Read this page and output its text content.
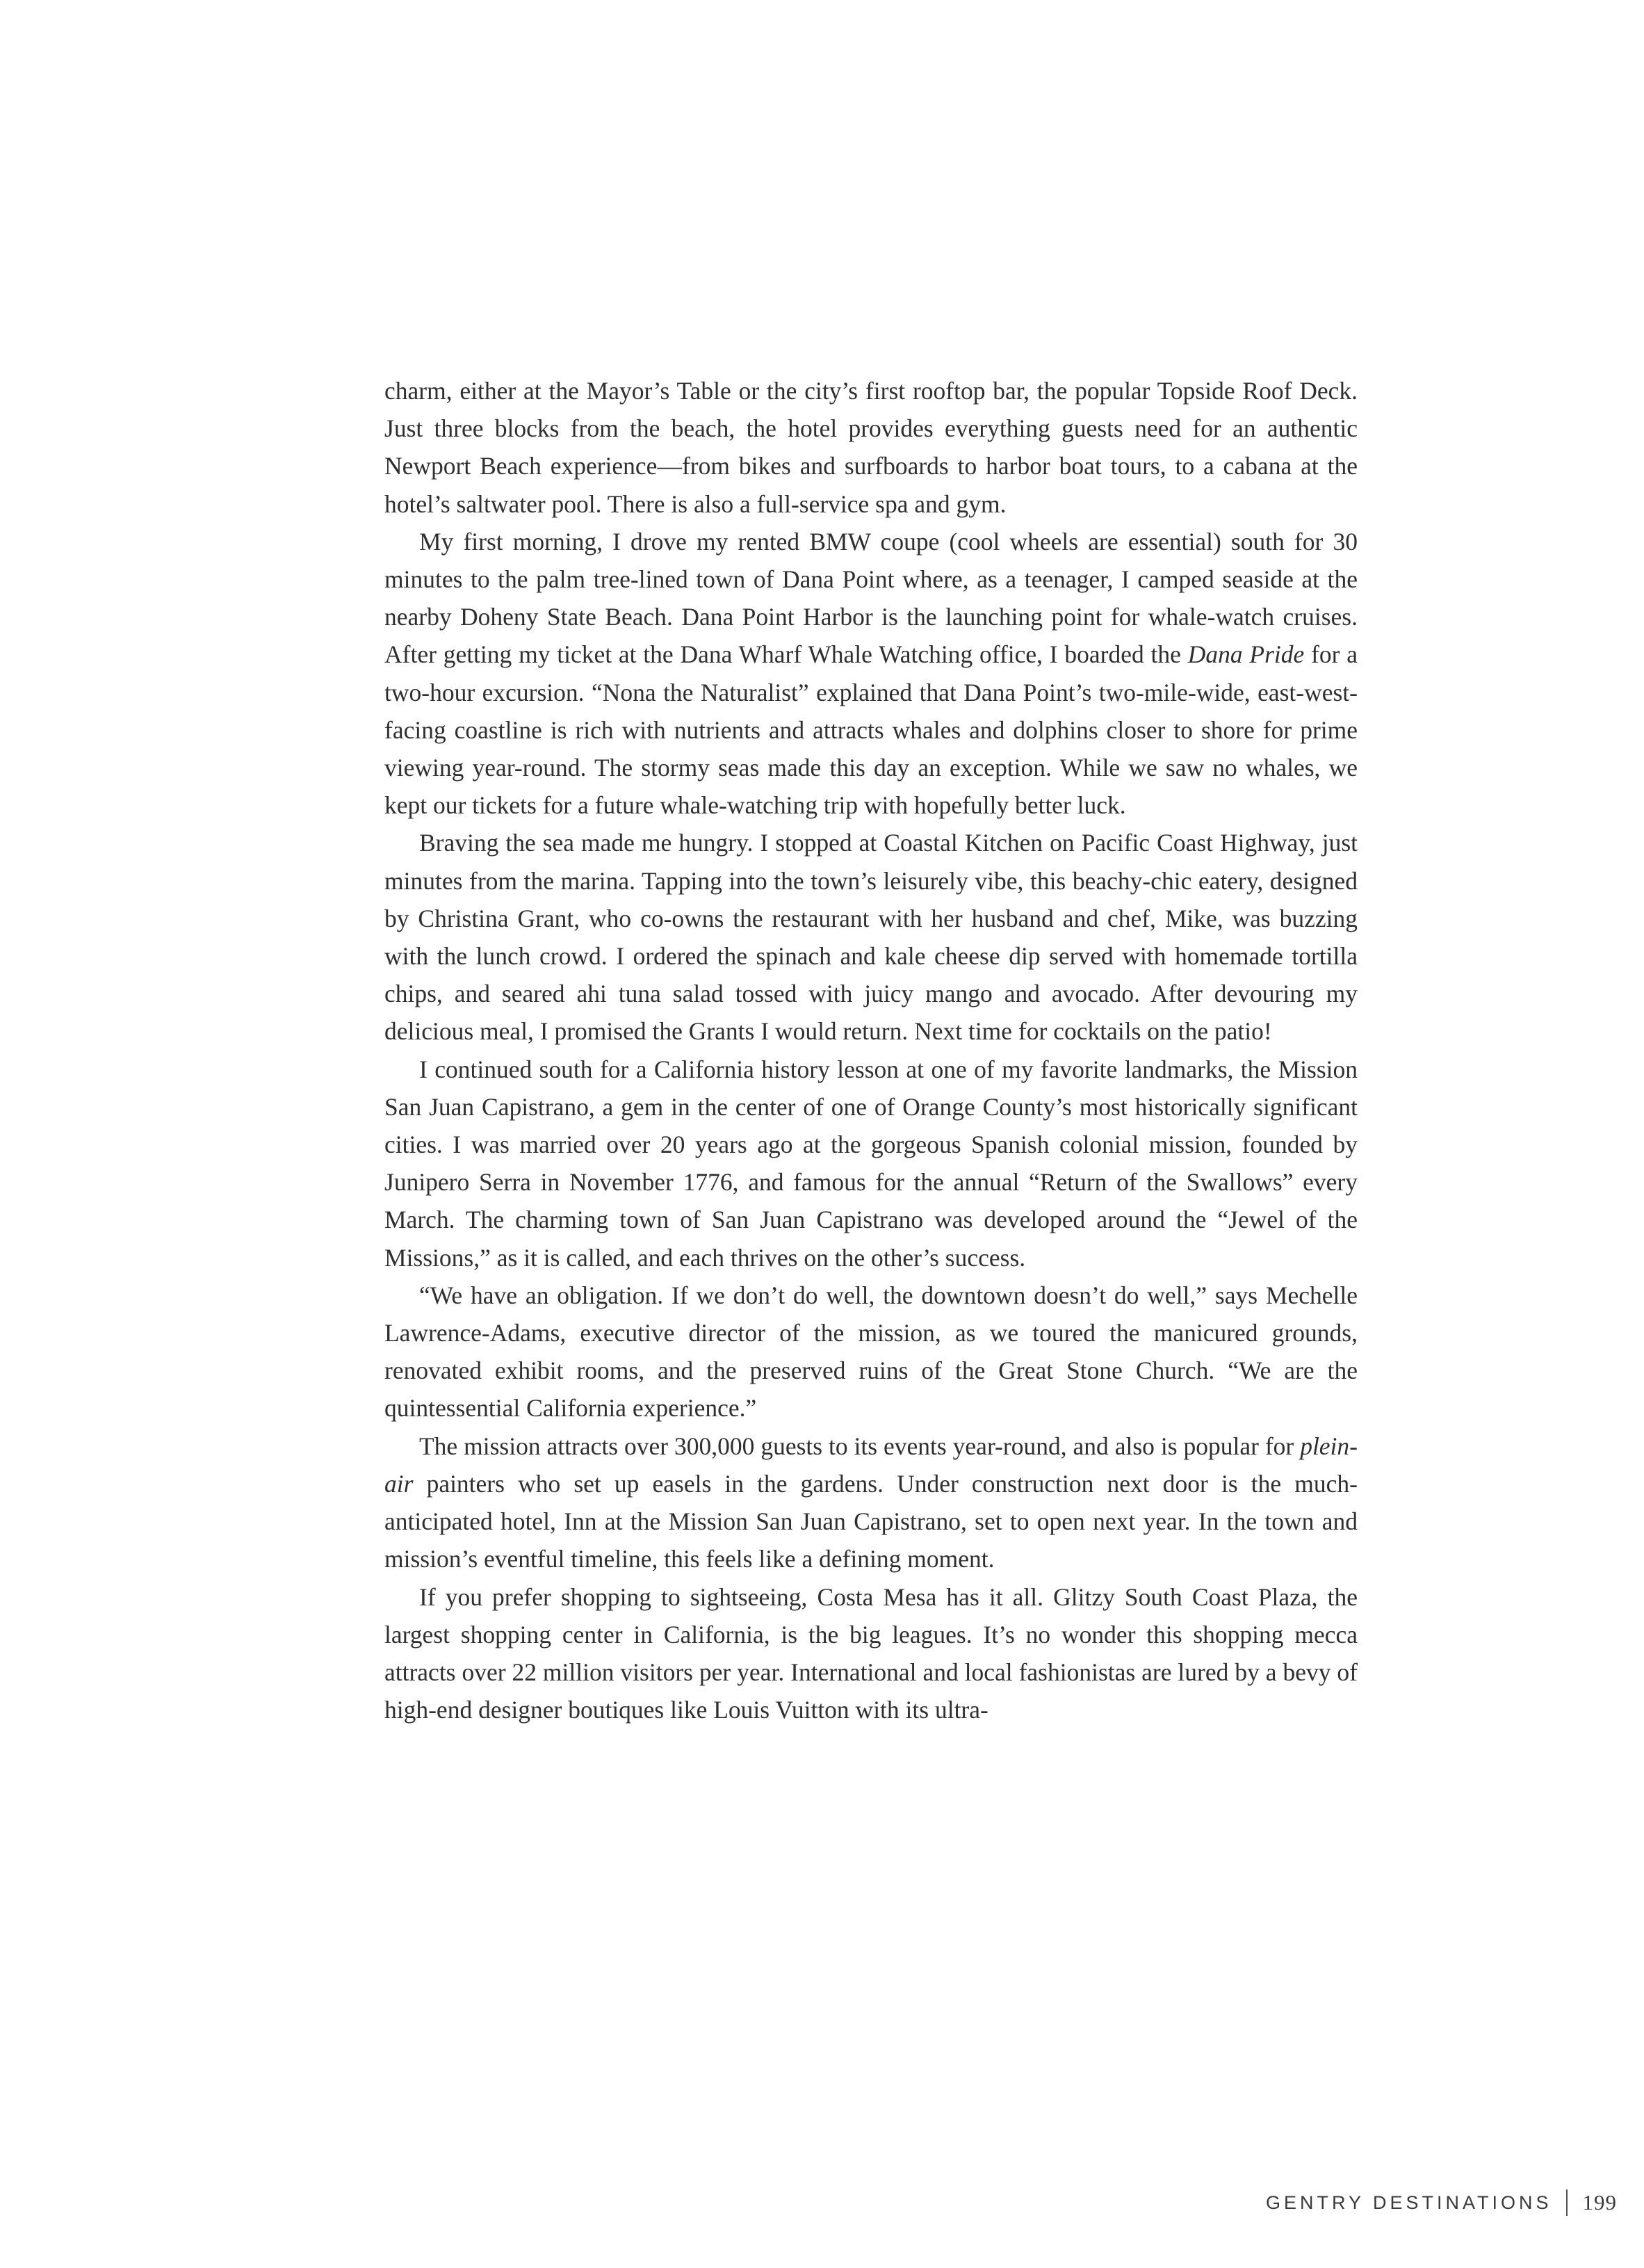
charm, either at the Mayor’s Table or the city’s first rooftop bar, the popular Topside Roof Deck. Just three blocks from the beach, the hotel provides everything guests need for an authentic Newport Beach experience—from bikes and surfboards to harbor boat tours, to a cabana at the hotel’s saltwater pool. There is also a full-service spa and gym.

My first morning, I drove my rented BMW coupe (cool wheels are essential) south for 30 minutes to the palm tree-lined town of Dana Point where, as a teenager, I camped seaside at the nearby Doheny State Beach. Dana Point Harbor is the launching point for whale-watch cruises. After getting my ticket at the Dana Wharf Whale Watching office, I boarded the Dana Pride for a two-hour excursion. “Nona the Naturalist” explained that Dana Point’s two-mile-wide, east-west-facing coastline is rich with nutrients and attracts whales and dolphins closer to shore for prime viewing year-round. The stormy seas made this day an exception. While we saw no whales, we kept our tickets for a future whale-watching trip with hopefully better luck.

Braving the sea made me hungry. I stopped at Coastal Kitchen on Pacific Coast Highway, just minutes from the marina. Tapping into the town’s leisurely vibe, this beachy-chic eatery, designed by Christina Grant, who co-owns the restaurant with her husband and chef, Mike, was buzzing with the lunch crowd. I ordered the spinach and kale cheese dip served with homemade tortilla chips, and seared ahi tuna salad tossed with juicy mango and avocado. After devouring my delicious meal, I promised the Grants I would return. Next time for cocktails on the patio!

I continued south for a California history lesson at one of my favorite landmarks, the Mission San Juan Capistrano, a gem in the center of one of Orange County’s most historically significant cities. I was married over 20 years ago at the gorgeous Spanish colonial mission, founded by Junipero Serra in November 1776, and famous for the annual “Return of the Swallows” every March. The charming town of San Juan Capistrano was developed around the “Jewel of the Missions,” as it is called, and each thrives on the other’s success.

“We have an obligation. If we don’t do well, the downtown doesn’t do well,” says Mechelle Lawrence-Adams, executive director of the mission, as we toured the manicured grounds, renovated exhibit rooms, and the preserved ruins of the Great Stone Church. “We are the quintessential California experience.”

The mission attracts over 300,000 guests to its events year-round, and also is popular for plein-air painters who set up easels in the gardens. Under construction next door is the much-anticipated hotel, Inn at the Mission San Juan Capistrano, set to open next year. In the town and mission’s eventful timeline, this feels like a defining moment.

If you prefer shopping to sightseeing, Costa Mesa has it all. Glitzy South Coast Plaza, the largest shopping center in California, is the big leagues. It’s no wonder this shopping mecca attracts over 22 million visitors per year. International and local fashionistas are lured by a bevy of high-end designer boutiques like Louis Vuitton with its ultra-

GENTRY DESTINATIONS 199
